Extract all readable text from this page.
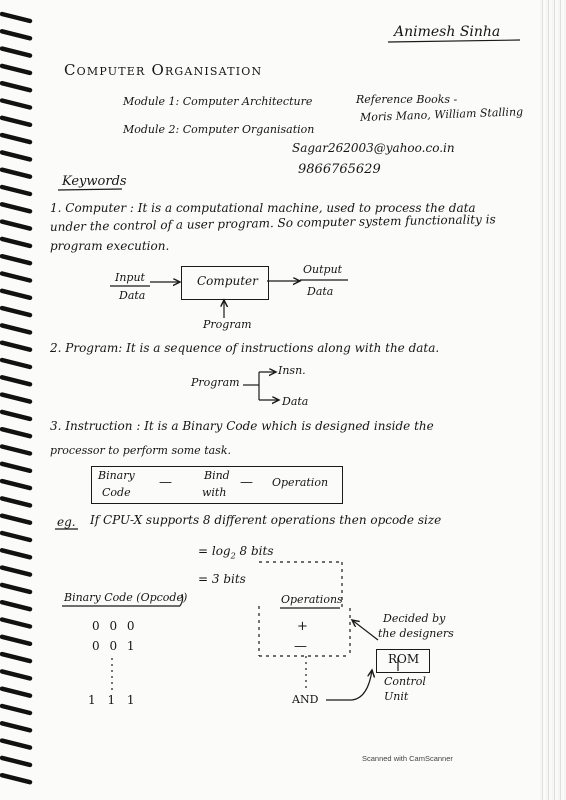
Animesh Sinha
Computer Organisation
Module 1: Computer Architecture
Module 2: Computer Organisation
Reference Books -
Moris Mano, William Stalling
Sagar262003@yahoo.co.in
9866765629
Keywords
1. Computer : It is a computational machine, used to process the data
under the control of a user program. So computer system functionality is
program execution.
Input
Data
Computer
Output
Data
Program
2. Program: It is a sequence of instructions along with the data.
Program
Insn.
Data
3. Instruction : It is a Binary Code which is designed inside the
processor to perform some task.
Binary
Code
—	Bind
with
— Operation
eg. If CPU-X supports 8 different operations then opcode size
= $\log_2 8$ bits
= 3 bits
Binary Code (Opcode)
0 0 0
0 0 1
1 1 1
Operations
+
—
AND
Decided by
the designers
ROM
Control
Unit
Scanned with CamScanner
